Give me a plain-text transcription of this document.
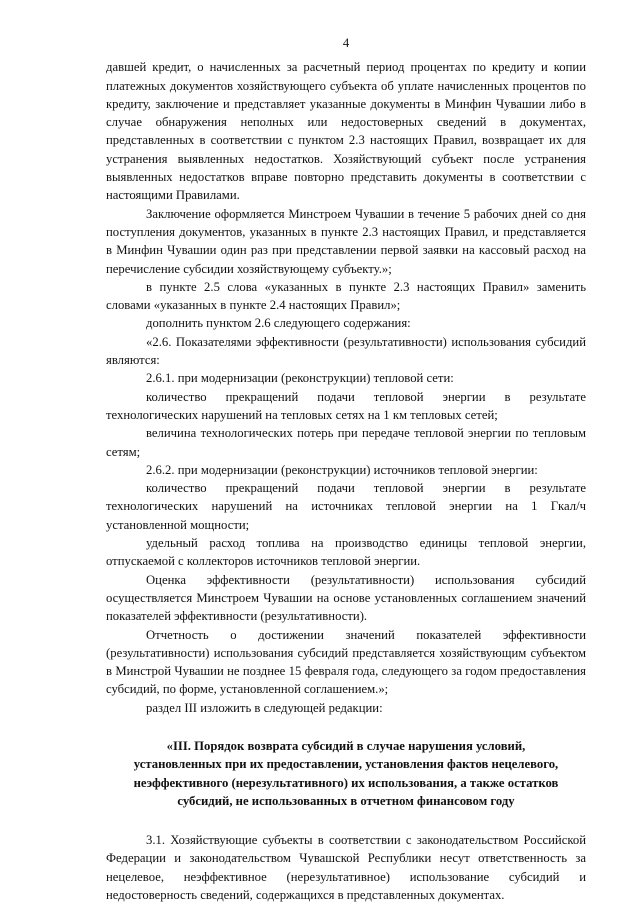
4

давшей кредит, о начисленных за расчетный период процентах по кредиту и копии платежных документов хозяйствующего субъекта об уплате начисленных процентов по кредиту, заключение и представляет указанные документы в Минфин Чувашии либо в случае обнаружения неполных или недостоверных сведений в документах, представленных в соответствии с пунктом 2.3 настоящих Правил, возвращает их для устранения выявленных недостатков. Хозяйствующий субъект после устранения выявленных недостатков вправе повторно представить документы в соответствии с настоящими Правилами.

Заключение оформляется Минстроем Чувашии в течение 5 рабочих дней со дня поступления документов, указанных в пункте 2.3 настоящих Правил, и представляется в Минфин Чувашии один раз при представлении первой заявки на кассовый расход на перечисление субсидии хозяйствующему субъекту.»;

в пункте 2.5 слова «указанных в пункте 2.3 настоящих Правил» заменить словами «указанных в пункте 2.4 настоящих Правил»;

дополнить пунктом 2.6 следующего содержания:

«2.6. Показателями эффективности (результативности) использования субсидий являются:

2.6.1. при модернизации (реконструкции) тепловой сети:

количество прекращений подачи тепловой энергии в результате технологических нарушений на тепловых сетях на 1 км тепловых сетей;

величина технологических потерь при передаче тепловой энергии по тепловым сетям;

2.6.2. при модернизации (реконструкции) источников тепловой энергии:

количество прекращений подачи тепловой энергии в результате технологических нарушений на источниках тепловой энергии на 1 Гкал/ч установленной мощности;

удельный расход топлива на производство единицы тепловой энергии, отпускаемой с коллекторов источников тепловой энергии.

Оценка эффективности (результативности) использования субсидий осуществляется Минстроем Чувашии на основе установленных соглашением значений показателей эффективности (результативности).

Отчетность о достижении значений показателей эффективности (результативности) использования субсидий представляется хозяйствующим субъектом в Минстрой Чувашии не позднее 15 февраля года, следующего за годом предоставления субсидий, по форме, установленной соглашением.»;

раздел III изложить в следующей редакции:

«III. Порядок возврата субсидий в случае нарушения условий,
установленных при их предоставлении, установления фактов нецелевого,
неэффективного (нерезультативного) их использования, а также остатков
субсидий, не использованных в отчетном финансовом году

3.1. Хозяйствующие субъекты в соответствии с законодательством Российской Федерации и законодательством Чувашской Республики несут ответственность за нецелевое, неэффективное (нерезультативное) использование субсидий и недостоверность сведений, содержащихся в представленных документах.
